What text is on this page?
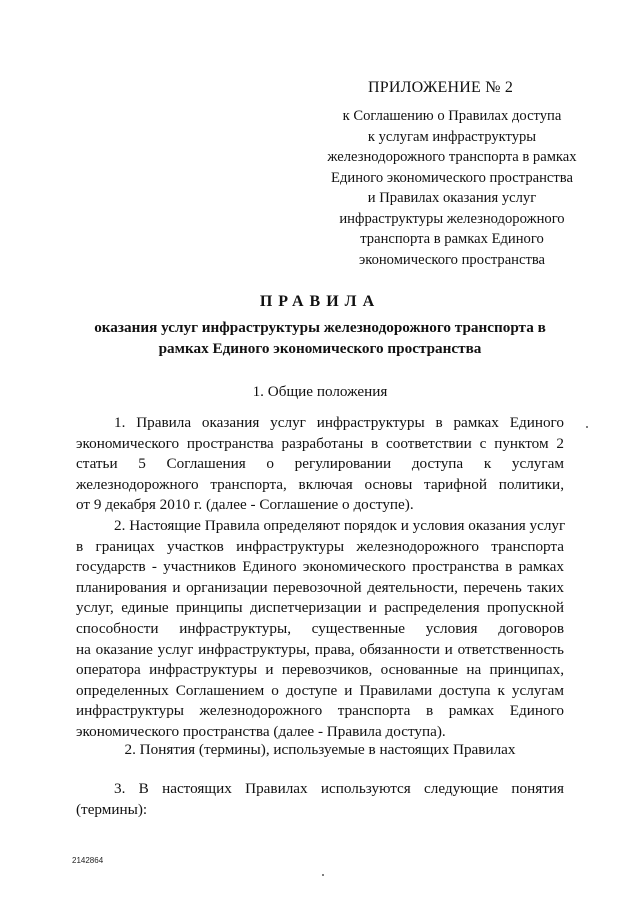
ПРИЛОЖЕНИЕ № 2
к Соглашению о Правилах доступа
к услугам инфраструктуры
железнодорожного транспорта в рамках
Единого экономического пространства
и Правилах оказания услуг
инфраструктуры железнодорожного
транспорта в рамках Единого
экономического пространства
ПРАВИЛА
оказания услуг инфраструктуры железнодорожного транспорта в
рамках Единого экономического пространства
1. Общие положения
1. Правила оказания услуг инфраструктуры в рамках Единого
экономического пространства разработаны в соответствии с пунктом 2
статьи 5 Соглашения о регулировании доступа к услугам
железнодорожного транспорта, включая основы тарифной политики,
от 9 декабря 2010 г. (далее - Соглашение о доступе).
2. Настоящие Правила определяют порядок и условия оказания услуг
в границах участков инфраструктуры железнодорожного транспорта
государств - участников Единого экономического пространства в рамках
планирования и организации перевозочной деятельности, перечень таких
услуг, единые принципы диспетчеризации и распределения пропускной
способности инфраструктуры, существенные условия договоров
на оказание услуг инфраструктуры, права, обязанности и ответственность
оператора инфраструктуры и перевозчиков, основанные на принципах,
определенных Соглашением о доступе и Правилами доступа к услугам
инфраструктуры железнодорожного транспорта в рамках Единого
экономического пространства (далее - Правила доступа).
2. Понятия (термины), используемые в настоящих Правилах
3. В настоящих Правилах используются следующие понятия
(термины):
2142864
